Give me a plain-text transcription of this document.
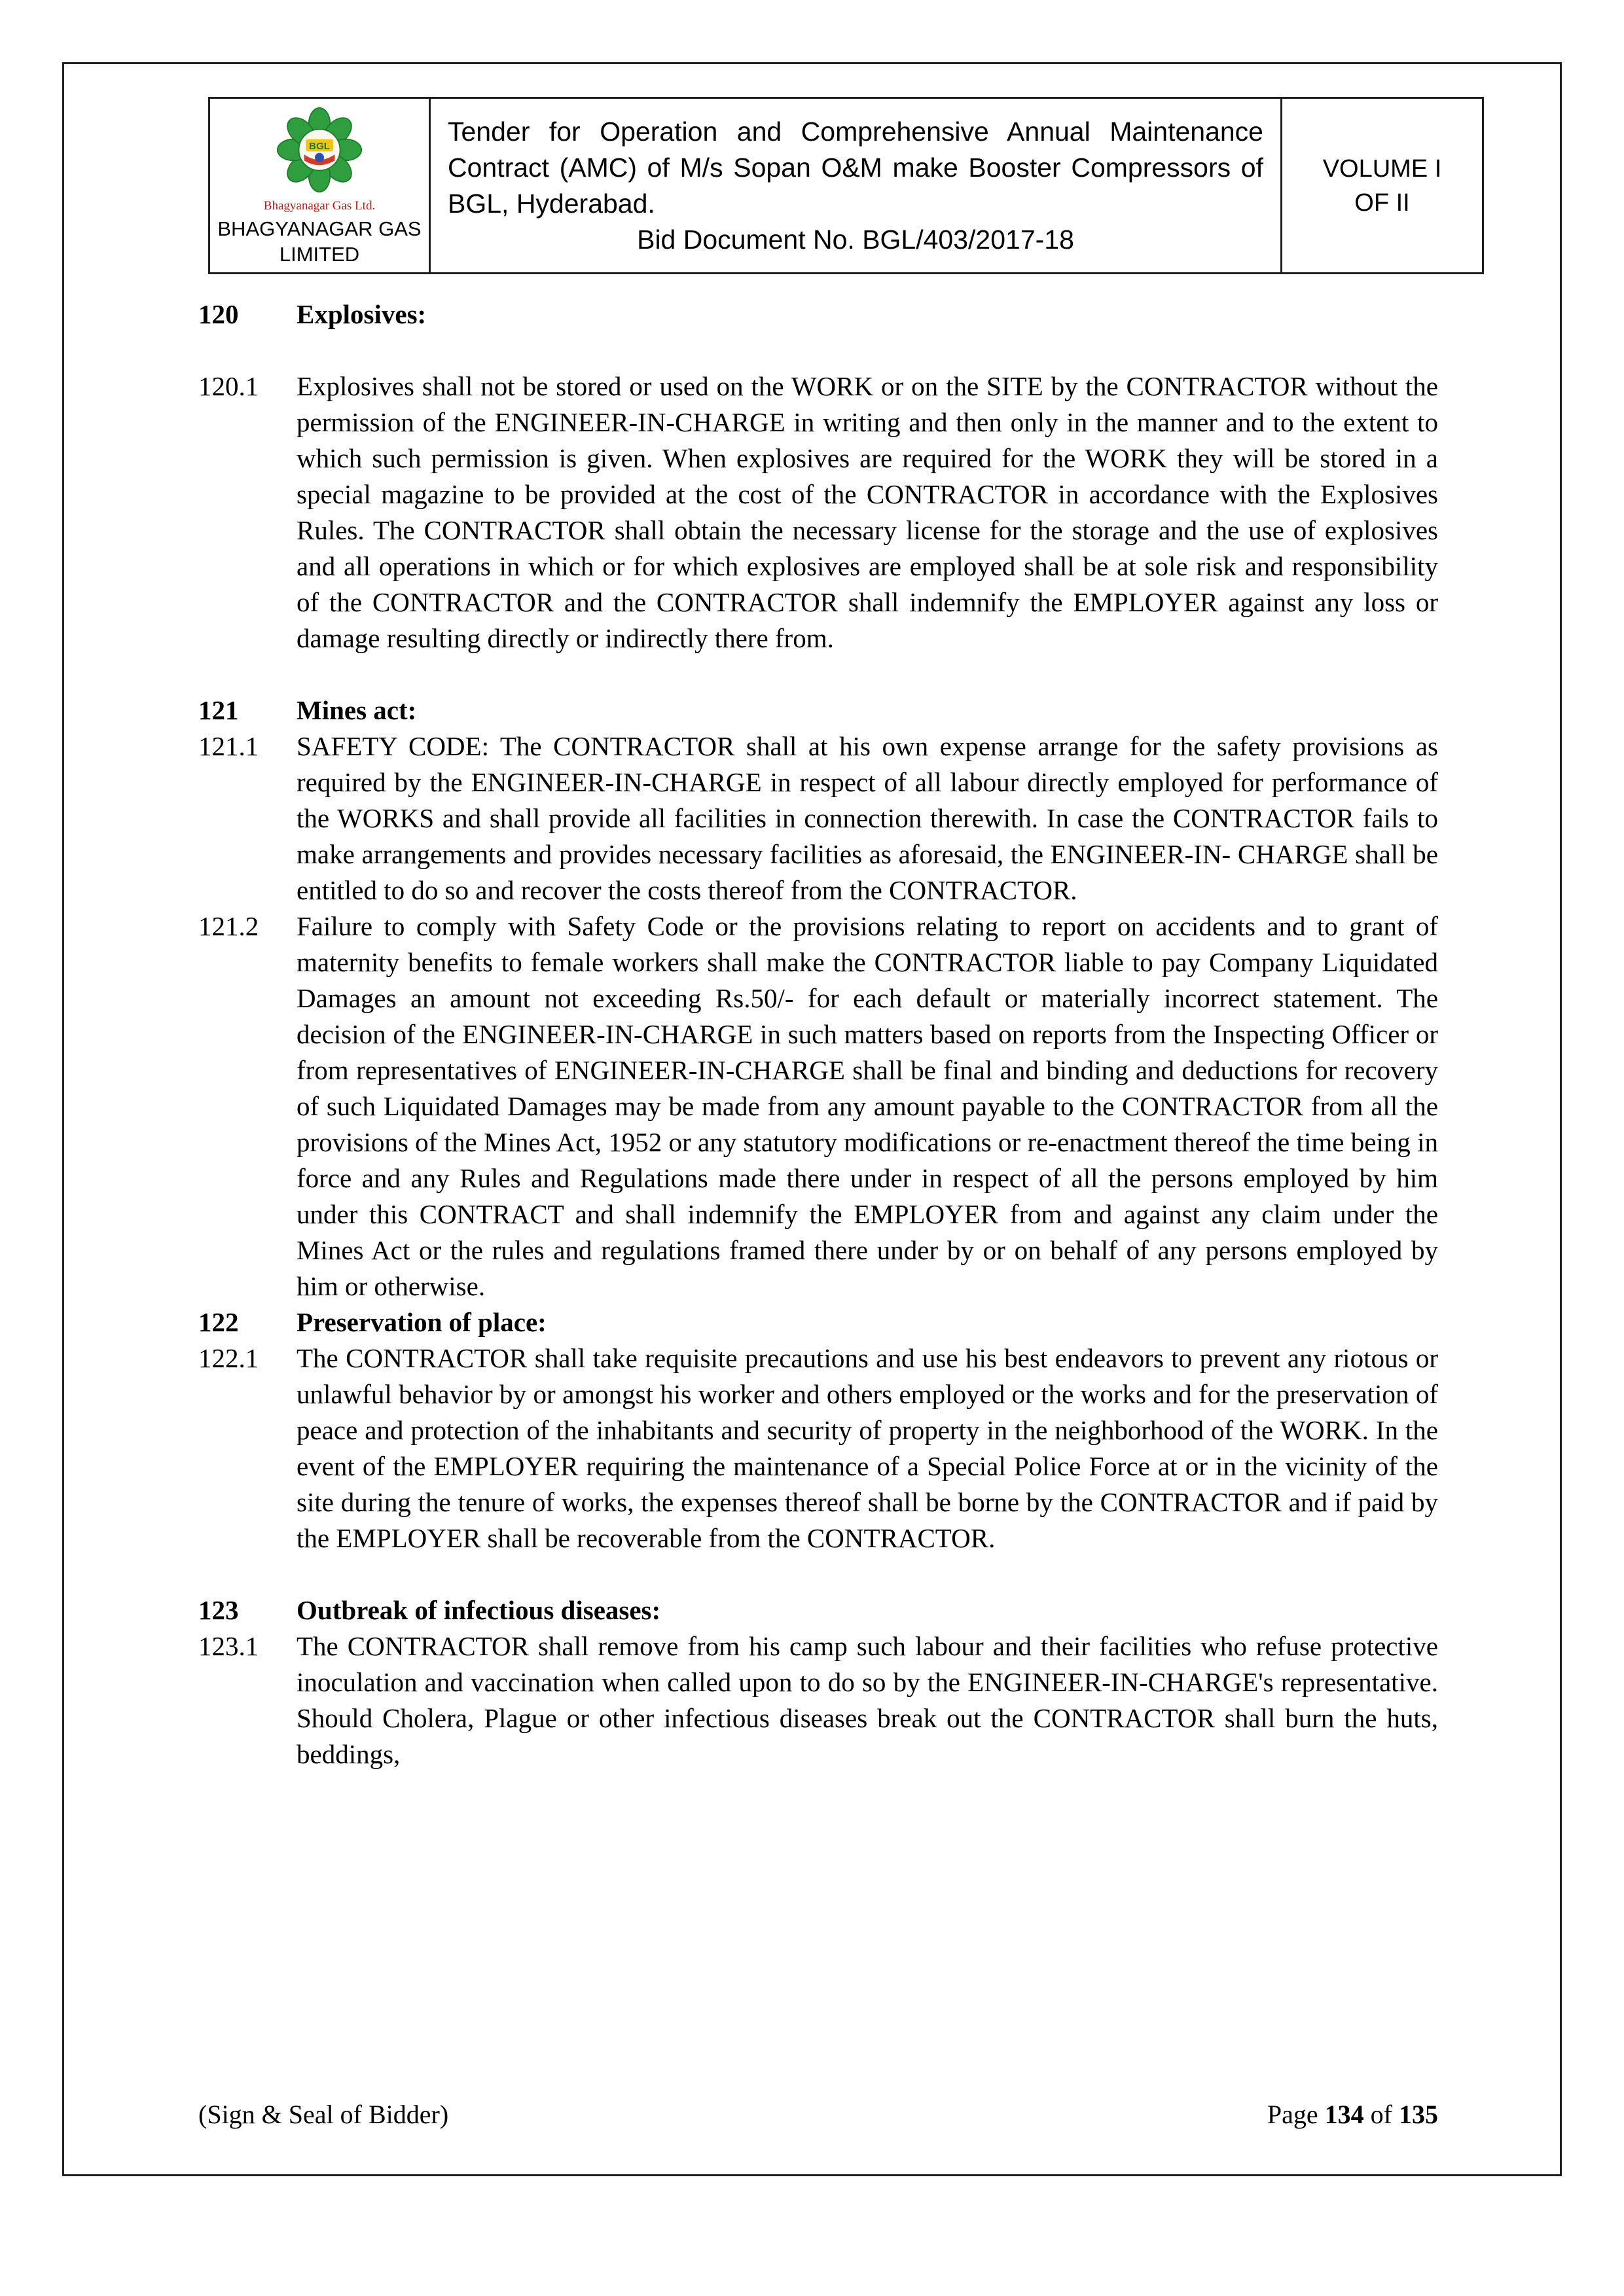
BGL
Bhagyanagar Gas Ltd.
BHAGYANAGAR GAS
LIMITED

Tender for Operation and Comprehensive Annual Maintenance Contract (AMC) of M/s Sopan O&M make Booster Compressors of BGL, Hyderabad.

Bid Document No. BGL/403/2017-18

VOLUME I
OF II
120 Explosives:
120.1 Explosives shall not be stored or used on the WORK or on the SITE by the CONTRACTOR without the permission of the ENGINEER-IN-CHARGE in writing and then only in the manner and to the extent to which such permission is given. When explosives are required for the WORK they will be stored in a special magazine to be provided at the cost of the CONTRACTOR in accordance with the Explosives Rules. The CONTRACTOR shall obtain the necessary license for the storage and the use of explosives and all operations in which or for which explosives are employed shall be at sole risk and responsibility of the CONTRACTOR and the CONTRACTOR shall indemnify the EMPLOYER against any loss or damage resulting directly or indirectly there from.
121 Mines act:
121.1 SAFETY CODE: The CONTRACTOR shall at his own expense arrange for the safety provisions as required by the ENGINEER-IN-CHARGE in respect of all labour directly employed for performance of the WORKS and shall provide all facilities in connection therewith. In case the CONTRACTOR fails to make arrangements and provides necessary facilities as aforesaid, the ENGINEER-IN- CHARGE shall be entitled to do so and recover the costs thereof from the CONTRACTOR.
121.2 Failure to comply with Safety Code or the provisions relating to report on accidents and to grant of maternity benefits to female workers shall make the CONTRACTOR liable to pay Company Liquidated Damages an amount not exceeding Rs.50/- for each default or materially incorrect statement. The decision of the ENGINEER-IN-CHARGE in such matters based on reports from the Inspecting Officer or from representatives of ENGINEER-IN-CHARGE shall be final and binding and deductions for recovery of such Liquidated Damages may be made from any amount payable to the CONTRACTOR from all the provisions of the Mines Act, 1952 or any statutory modifications or re-enactment thereof the time being in force and any Rules and Regulations made there under in respect of all the persons employed by him under this CONTRACT and shall indemnify the EMPLOYER from and against any claim under the Mines Act or the rules and regulations framed there under by or on behalf of any persons employed by him or otherwise.
122 Preservation of place:
122.1 The CONTRACTOR shall take requisite precautions and use his best endeavors to prevent any riotous or unlawful behavior by or amongst his worker and others employed or the works and for the preservation of peace and protection of the inhabitants and security of property in the neighborhood of the WORK. In the event of the EMPLOYER requiring the maintenance of a Special Police Force at or in the vicinity of the site during the tenure of works, the expenses thereof shall be borne by the CONTRACTOR and if paid by the EMPLOYER shall be recoverable from the CONTRACTOR.
123 Outbreak of infectious diseases:
123.1 The CONTRACTOR shall remove from his camp such labour and their facilities who refuse protective inoculation and vaccination when called upon to do so by the ENGINEER-IN-CHARGE's representative. Should Cholera, Plague or other infectious diseases break out the CONTRACTOR shall burn the huts, beddings,
(Sign & Seal of Bidder)	Page 134 of 135
